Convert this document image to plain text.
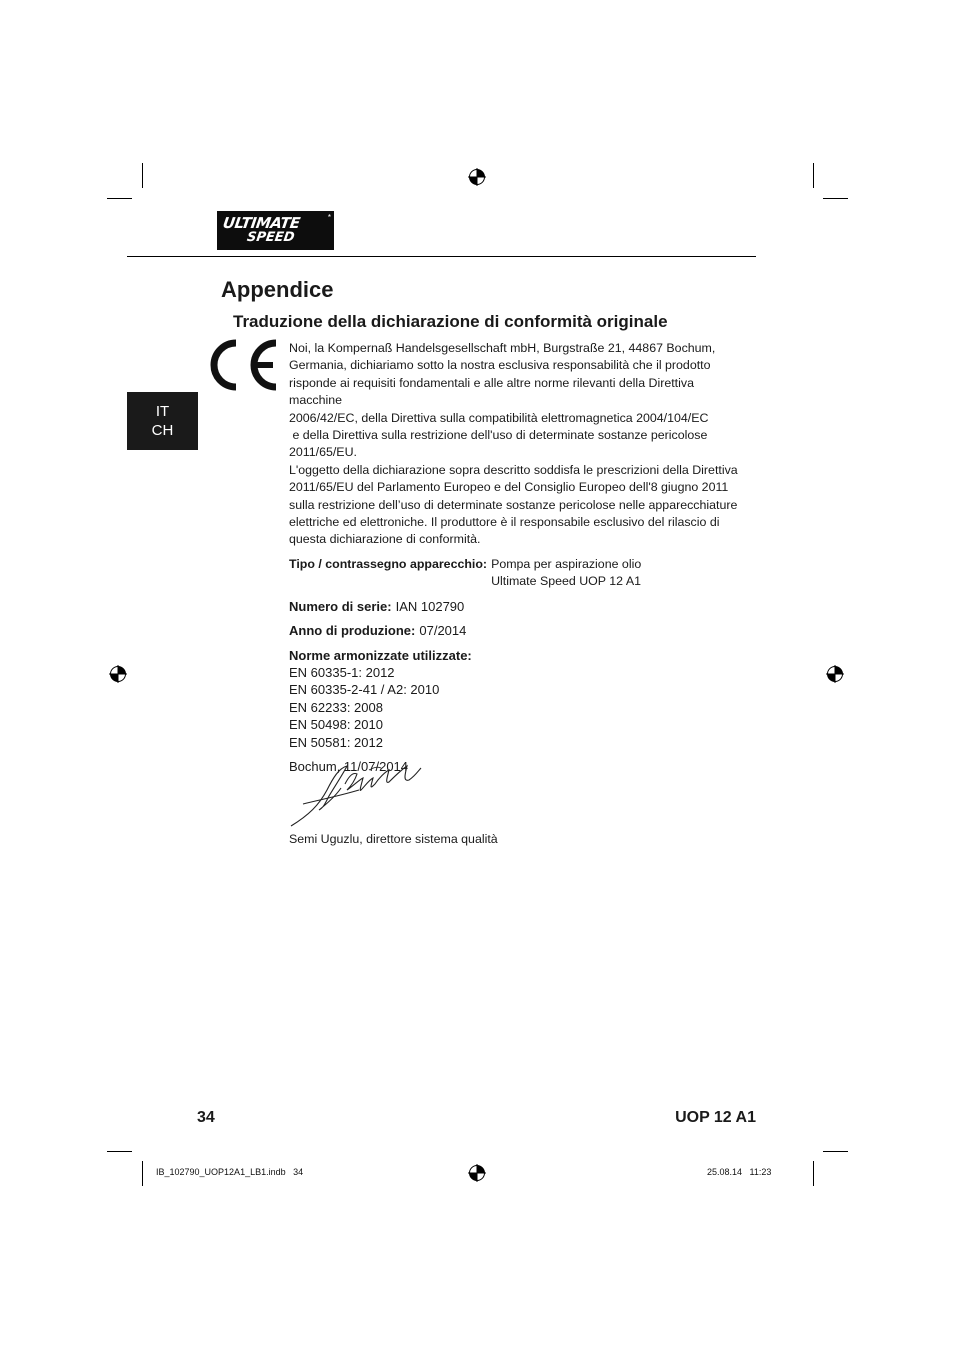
ULTIMATE
SPEED
*
Appendice
Traduzione della dichiarazione di conformità originale
IT
CH

Noi, la Kompernaß Handelsgesellschaft mbH, Burgstraße 21, 44867 Bochum,
Germania, dichiariamo sotto la nostra esclusiva responsabilità che il prodotto
risponde ai requisiti fondamentali e alle altre norme rilevanti della Direttiva macchine
2006/42/EC, della Direttiva sulla compatibilità elettromagnetica 2004/104/EC
e della Direttiva sulla restrizione dell'uso di determinate sostanze pericolose
2011/65/EU.

L'oggetto della dichiarazione sopra descritto soddisfa le prescrizioni della Direttiva
2011/65/EU del Parlamento Europeo e del Consiglio Europeo dell'8 giugno 2011
sulla restrizione dell’uso di determinate sostanze pericolose nelle apparecchiature
elettriche ed elettroniche. Il produttore è il responsabile esclusivo del rilascio di
questa dichiarazione di conformità.

Tipo / contrassegno apparecchio: Pompa per aspirazione olio
Ultimate Speed UOP 12 A1
Numero di serie: IAN 102790
Anno di produzione: 07/2014
Norme armonizzate utilizzate:
EN 60335-1: 2012
EN 60335-2-41 / A2: 2010
EN 62233: 2008
EN 50498: 2010
EN 50581: 2012
Bochum, 11/07/2014
Semi Uguzlu, direttore sistema qualità
34	UOP 12 A1
IB_102790_UOP12A1_LB1.indb   34	25.08.14   11:23
